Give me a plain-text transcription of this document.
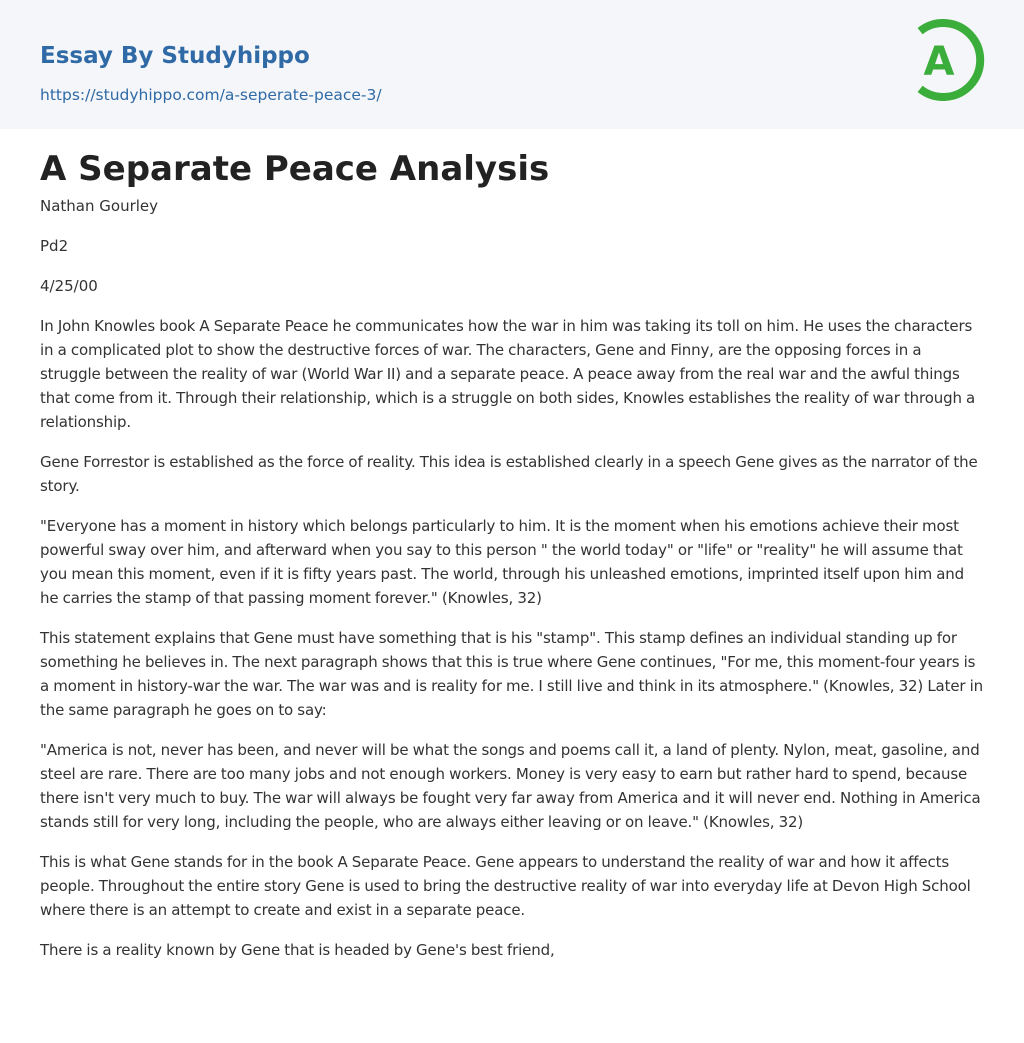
Essay By Studyhippo
https://studyhippo.com/a-seperate-peace-3/
A
A Separate Peace Analysis

Nathan Gourley

Pd2

4/25/00

In John Knowles book A Separate Peace he communicates how the war in him was taking its toll on him. He uses the characters in a complicated plot to show the destructive forces of war. The characters, Gene and Finny, are the opposing forces in a struggle between the reality of war (World War II) and a separate peace. A peace away from the real war and the awful things that come from it. Through their relationship, which is a struggle on both sides, Knowles establishes the reality of war through a relationship.

Gene Forrestor is established as the force of reality. This idea is established clearly in a speech Gene gives as the narrator of the story.

"Everyone has a moment in history which belongs particularly to him. It is the moment when his emotions achieve their most powerful sway over him, and afterward when you say to this person " the world today" or "life" or "reality" he will assume that you mean this moment, even if it is fifty years past. The world, through his unleashed emotions, imprinted itself upon him and he carries the stamp of that passing moment forever." (Knowles, 32)

This statement explains that Gene must have something that is his "stamp". This stamp defines an individual standing up for something he believes in. The next paragraph shows that this is true where Gene continues, "For me, this moment-four years is a moment in history-war the war. The war was and is reality for me. I still live and think in its atmosphere." (Knowles, 32) Later in the same paragraph he goes on to say:

"America is not, never has been, and never will be what the songs and poems call it, a land of plenty. Nylon, meat, gasoline, and steel are rare. There are too many jobs and not enough workers. Money is very easy to earn but rather hard to spend, because there isn't very much to buy. The war will always be fought very far away from America and it will never end. Nothing in America stands still for very long, including the people, who are always either leaving or on leave." (Knowles, 32)

This is what Gene stands for in the book A Separate Peace. Gene appears to understand the reality of war and how it affects people. Throughout the entire story Gene is used to bring the destructive reality of war into everyday life at Devon High School where there is an attempt to create and exist in a separate peace.

There is a reality known by Gene that is headed by Gene's best friend,
